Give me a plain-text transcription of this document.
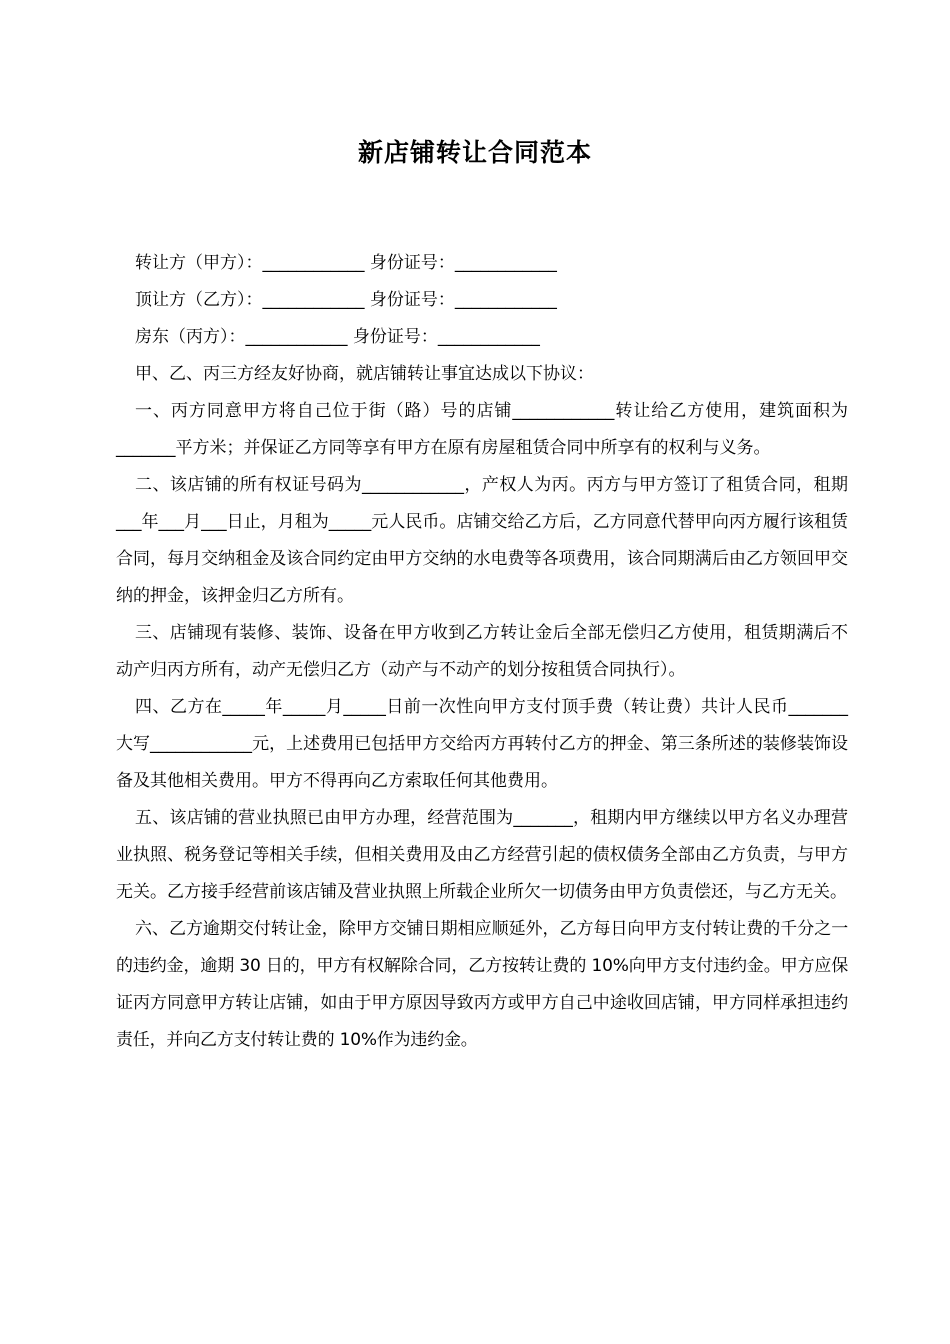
新店铺转让合同范本

转让方（甲方）：____________ 身份证号：____________

顶让方（乙方）：____________ 身份证号：____________

房东（丙方）：____________ 身份证号：____________

甲、乙、丙三方经友好协商，就店铺转让事宜达成以下协议：

一、丙方同意甲方将自己位于街（路）号的店铺____________转让给乙方使用，建筑面积为_______平方米；并保证乙方同等享有甲方在原有房屋租赁合同中所享有的权利与义务。

二、该店铺的所有权证号码为____________，产权人为丙。丙方与甲方签订了租赁合同，租期___年___月___日止，月租为_____元人民币。店铺交给乙方后，乙方同意代替甲向丙方履行该租赁合同，每月交纳租金及该合同约定由甲方交纳的水电费等各项费用，该合同期满后由乙方领回甲交纳的押金，该押金归乙方所有。

三、店铺现有装修、装饰、设备在甲方收到乙方转让金后全部无偿归乙方使用，租赁期满后不动产归丙方所有，动产无偿归乙方（动产与不动产的划分按租赁合同执行）。

四、乙方在_____年_____月_____日前一次性向甲方支付顶手费（转让费）共计人民币_______大写____________元，上述费用已包括甲方交给丙方再转付乙方的押金、第三条所述的装修装饰设备及其他相关费用。甲方不得再向乙方索取任何其他费用。

五、该店铺的营业执照已由甲方办理，经营范围为_______，租期内甲方继续以甲方名义办理营业执照、税务登记等相关手续，但相关费用及由乙方经营引起的债权债务全部由乙方负责，与甲方无关。乙方接手经营前该店铺及营业执照上所载企业所欠一切债务由甲方负责偿还，与乙方无关。

六、乙方逾期交付转让金，除甲方交铺日期相应顺延外，乙方每日向甲方支付转让费的千分之一的违约金，逾期 30 日的，甲方有权解除合同，乙方按转让费的 10%向甲方支付违约金。甲方应保证丙方同意甲方转让店铺，如由于甲方原因导致丙方或甲方自己中途收回店铺，甲方同样承担违约责任，并向乙方支付转让费的 10%作为违约金。
